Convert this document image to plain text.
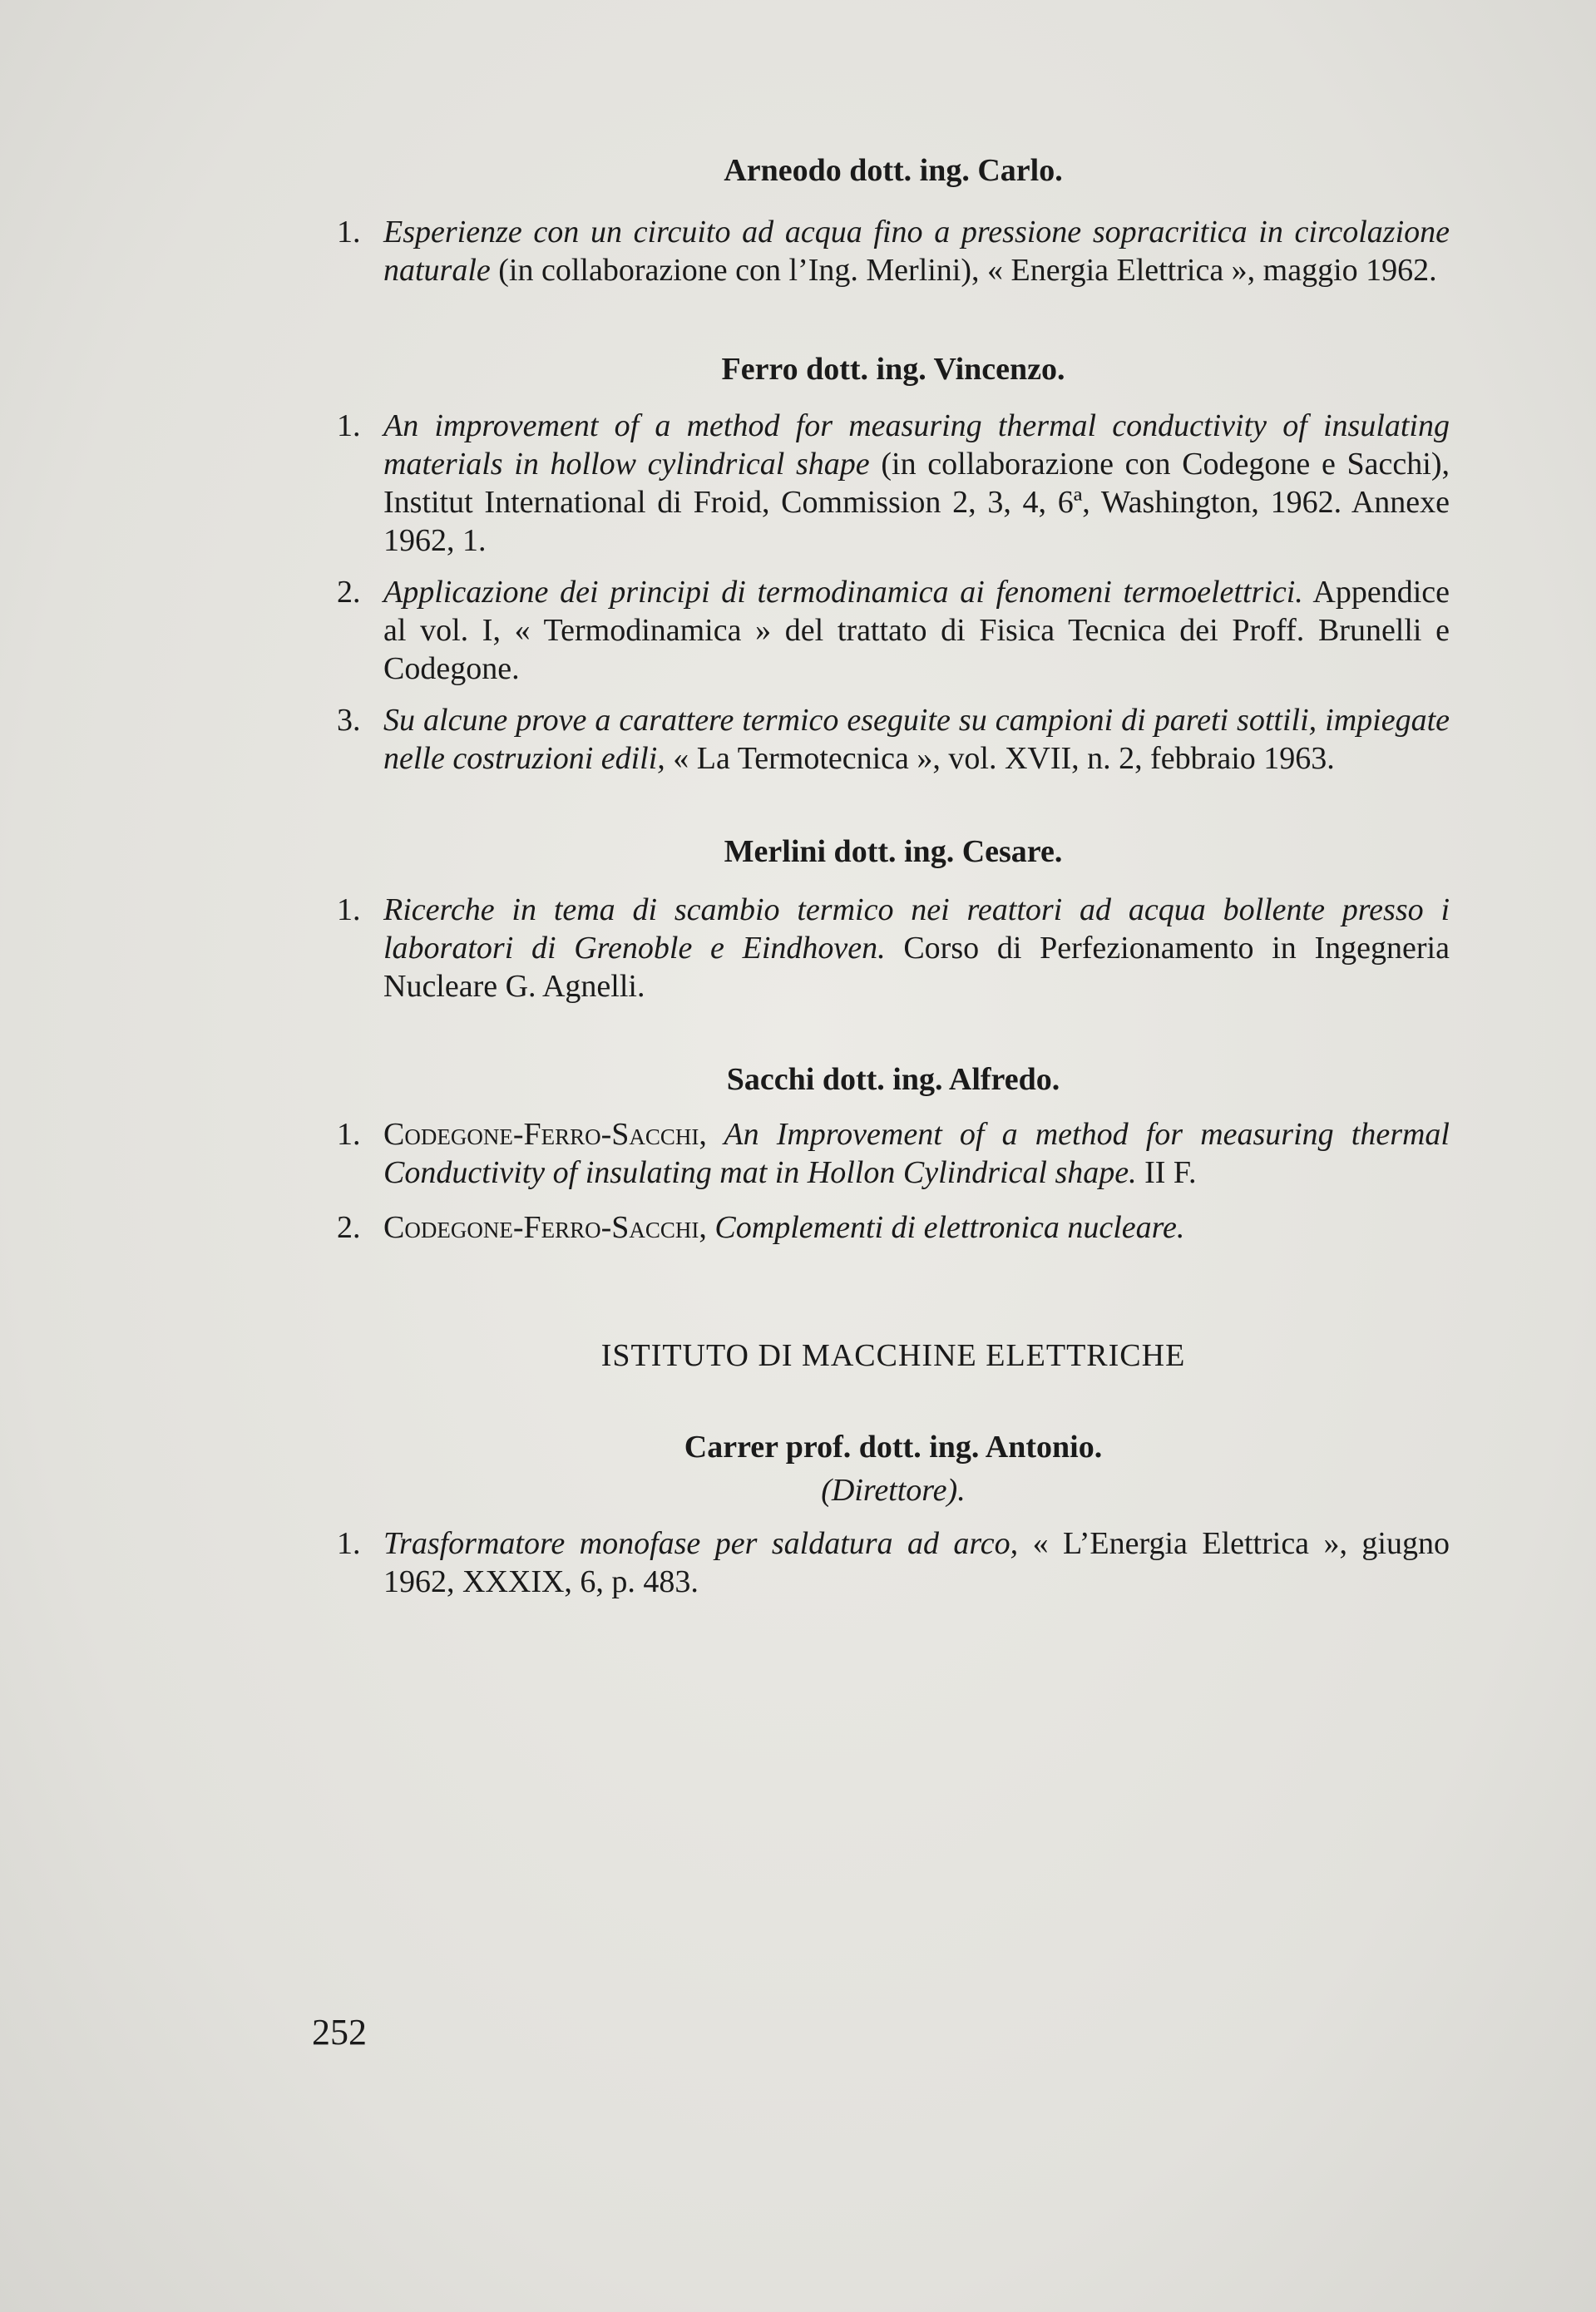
Arneodo dott. ing. Carlo.

1. Esperienze con un circuito ad acqua fino a pressione sopracritica in circolazione naturale (in collaborazione con l’Ing. Merlini), « Energia Elettrica », maggio 1962.

Ferro dott. ing. Vincenzo.

1. An improvement of a method for measuring thermal conductivity of insulating materials in hollow cylindrical shape (in collaborazione con Codegone e Sacchi), Institut International di Froid, Commission 2, 3, 4, 6ª, Washington, 1962. Annexe 1962, 1.

2. Applicazione dei principi di termodinamica ai fenomeni termoelettrici. Appendice al vol. I, « Termodinamica » del trattato di Fisica Tecnica dei Proff. Brunelli e Codegone.

3. Su alcune prove a carattere termico eseguite su campioni di pareti sottili, impiegate nelle costruzioni edili, « La Termotecnica », vol. XVII, n. 2, febbraio 1963.

Merlini dott. ing. Cesare.

1. Ricerche in tema di scambio termico nei reattori ad acqua bollente presso i laboratori di Grenoble e Eindhoven. Corso di Perfezionamento in Ingegneria Nucleare G. Agnelli.

Sacchi dott. ing. Alfredo.

1. Codegone-Ferro-Sacchi, An Improvement of a method for measuring thermal Conductivity of insulating mat in Hollon Cylindrical shape. II F.

2. Codegone-Ferro-Sacchi, Complementi di elettronica nucleare.

ISTITUTO DI MACCHINE ELETTRICHE

Carrer prof. dott. ing. Antonio.

(Direttore).

1. Trasformatore monofase per saldatura ad arco, « L’Energia Elettrica », giugno 1962, XXXIX, 6, p. 483.

252
